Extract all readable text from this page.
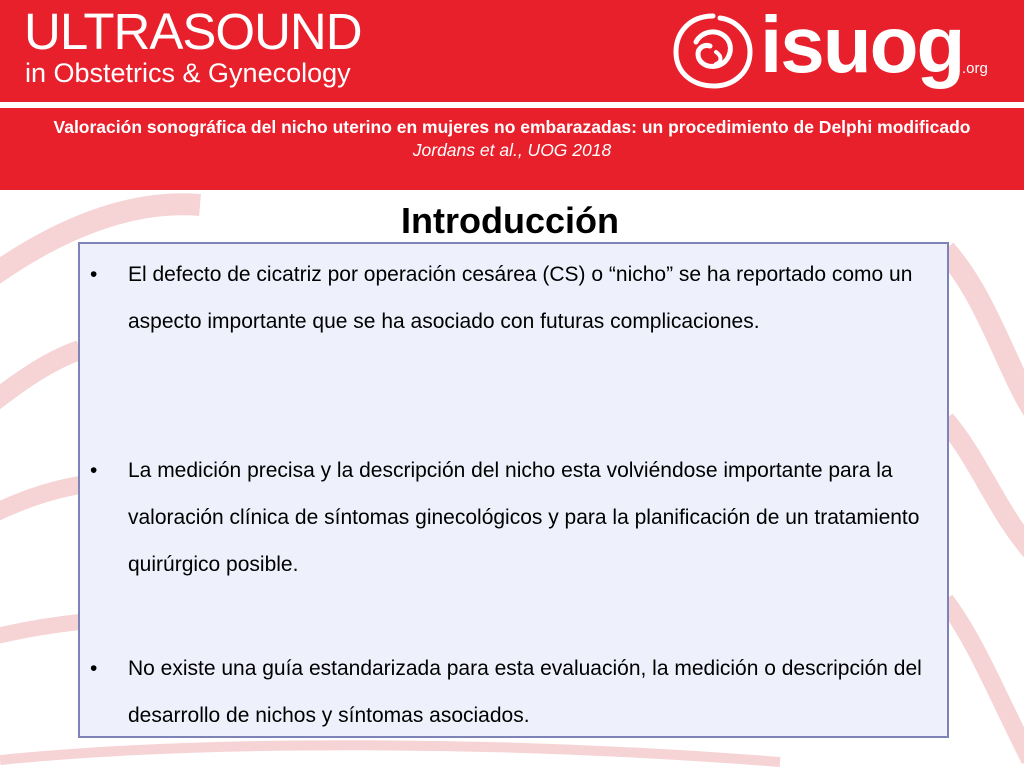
ULTRASOUND
in Obstetrics & Gynecology	isuog
.org
Valoración sonográfica del nicho uterino en mujeres no embarazadas: un procedimiento de Delphi modificado
Jordans et al., UOG 2018
Introducción
• El defecto de cicatriz por operación cesárea (CS) o “nicho” se ha reportado como un aspecto importante que se ha asociado con futuras complicaciones.
• La medición precisa y la descripción del nicho esta volviéndose importante para la valoración clínica de síntomas ginecológicos y para la planificación de un tratamiento quirúrgico posible.
• No existe una guía estandarizada para esta evaluación, la medición o descripción del desarrollo de nichos y síntomas asociados.
